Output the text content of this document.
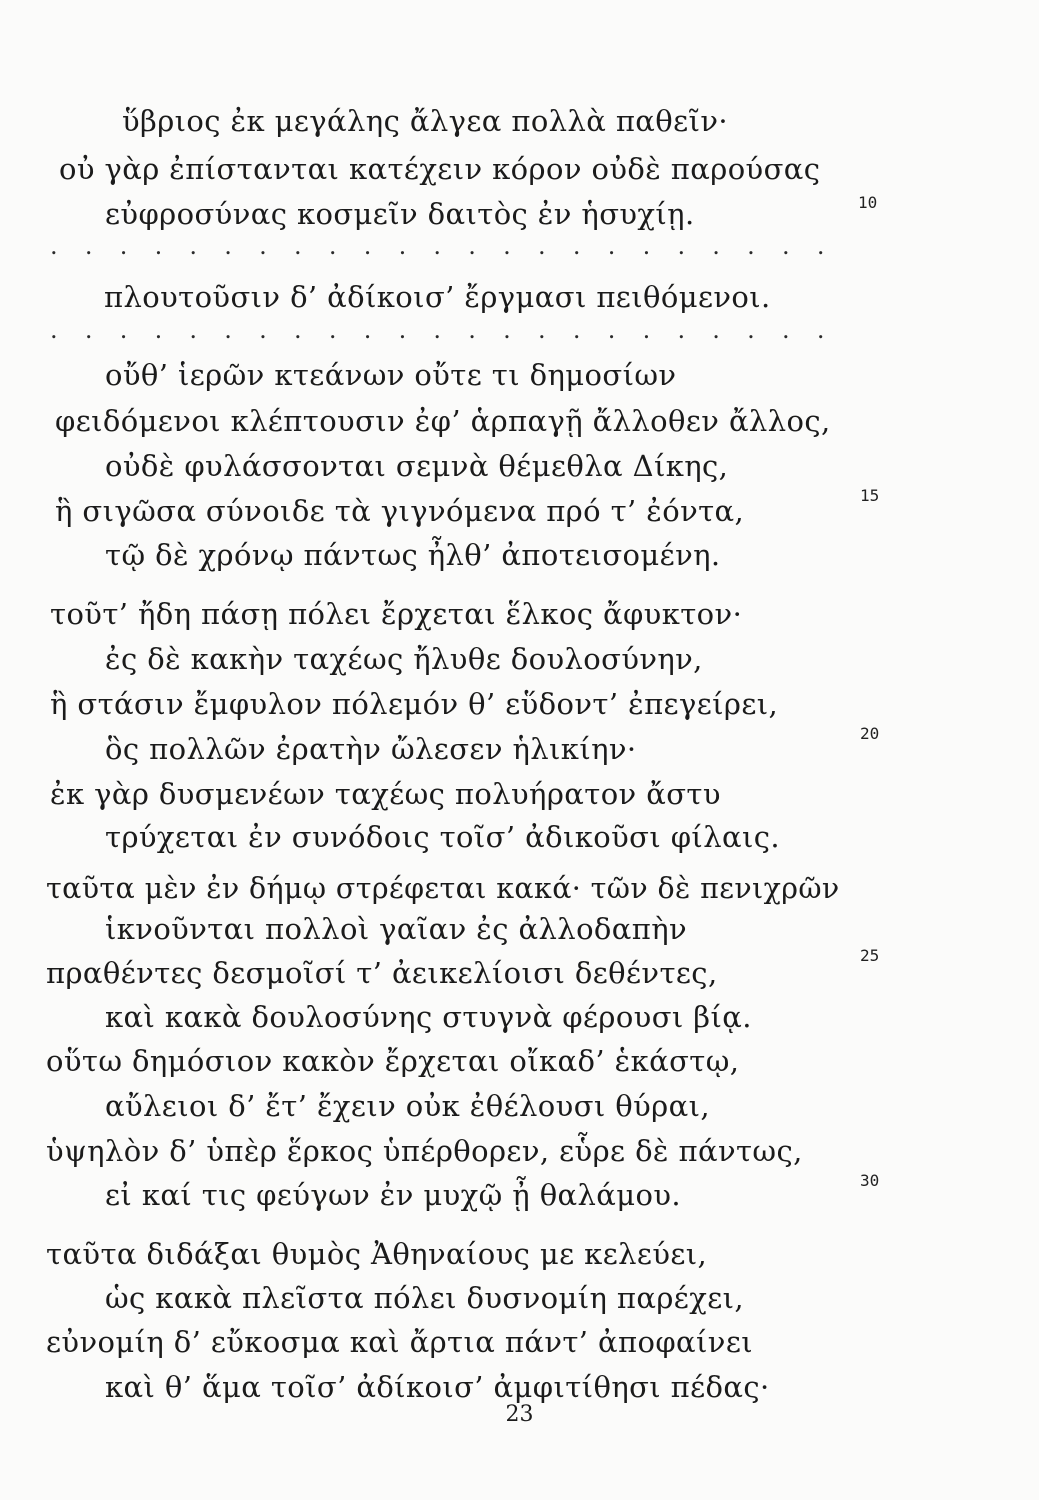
ὕβριος ἐκ μεγάλης ἄλγεα πολλὰ παθεῖν·
οὐ γὰρ ἐπίστανται κατέχειν κόρον οὐδὲ παρούσας
εὐφροσύνας κοσμεῖν δαιτὸς ἐν ἡσυχίῃ.	10
. . . . . . . . . . . . . . . . . . . . . . .
πλουτοῦσιν δ’ ἀδίκοισ’ ἔργμασι πειθόμενοι.
. . . . . . . . . . . . . . . . . . . . . . .
οὔθ’ ἱερῶν κτεάνων οὔτε τι δημοσίων
φειδόμενοι κλέπτουσιν ἐφ’ ἁρπαγῇ ἄλλοθεν ἄλλος,
οὐδὲ φυλάσσονται σεμνὰ θέμεθλα Δίκης,
ἣ σιγῶσα σύνοιδε τὰ γιγνόμενα πρό τ’ ἐόντα,	15
τῷ δὲ χρόνῳ πάντως ἦλθ’ ἀποτεισομένη.
τοῦτ’ ἤδη πάσῃ πόλει ἔρχεται ἕλκος ἄφυκτον·
ἐς δὲ κακὴν ταχέως ἤλυθε δουλοσύνην,
ἣ στάσιν ἔμφυλον πόλεμόν θ’ εὕδοντ’ ἐπεγείρει,
ὃς πολλῶν ἐρατὴν ὤλεσεν ἡλικίην·	20
ἐκ γὰρ δυσμενέων ταχέως πολυήρατον ἄστυ
τρύχεται ἐν συνόδοις τοῖσ’ ἀδικοῦσι φίλαις.
ταῦτα μὲν ἐν δήμῳ στρέφεται κακά· τῶν δὲ πενιχρῶν
ἱκνοῦνται πολλοὶ γαῖαν ἐς ἀλλοδαπὴν
πραθέντες δεσμοῖσί τ’ ἀεικελίοισι δεθέντες,
25
καὶ κακὰ δουλοσύνης στυγνὰ φέρουσι βίᾳ.
οὕτω δημόσιον κακὸν ἔρχεται οἴκαδ’ ἑκάστῳ,
αὔλειοι δ’ ἔτ’ ἔχειν οὐκ ἐθέλουσι θύραι,
ὑψηλὸν δ’ ὑπὲρ ἕρκος ὑπέρθορεν, εὗρε δὲ πάντως,
εἰ καί τις φεύγων ἐν μυχῷ ᾖ θαλάμου.	30
ταῦτα διδάξαι θυμὸς Ἀθηναίους με κελεύει,
ὡς κακὰ πλεῖστα πόλει δυσνομίη παρέχει,
εὐνομίη δ’ εὔκοσμα καὶ ἄρτια πάντ’ ἀποφαίνει
καὶ θ’ ἅμα τοῖσ’ ἀδίκοισ’ ἀμφιτίθησι πέδας·
23
